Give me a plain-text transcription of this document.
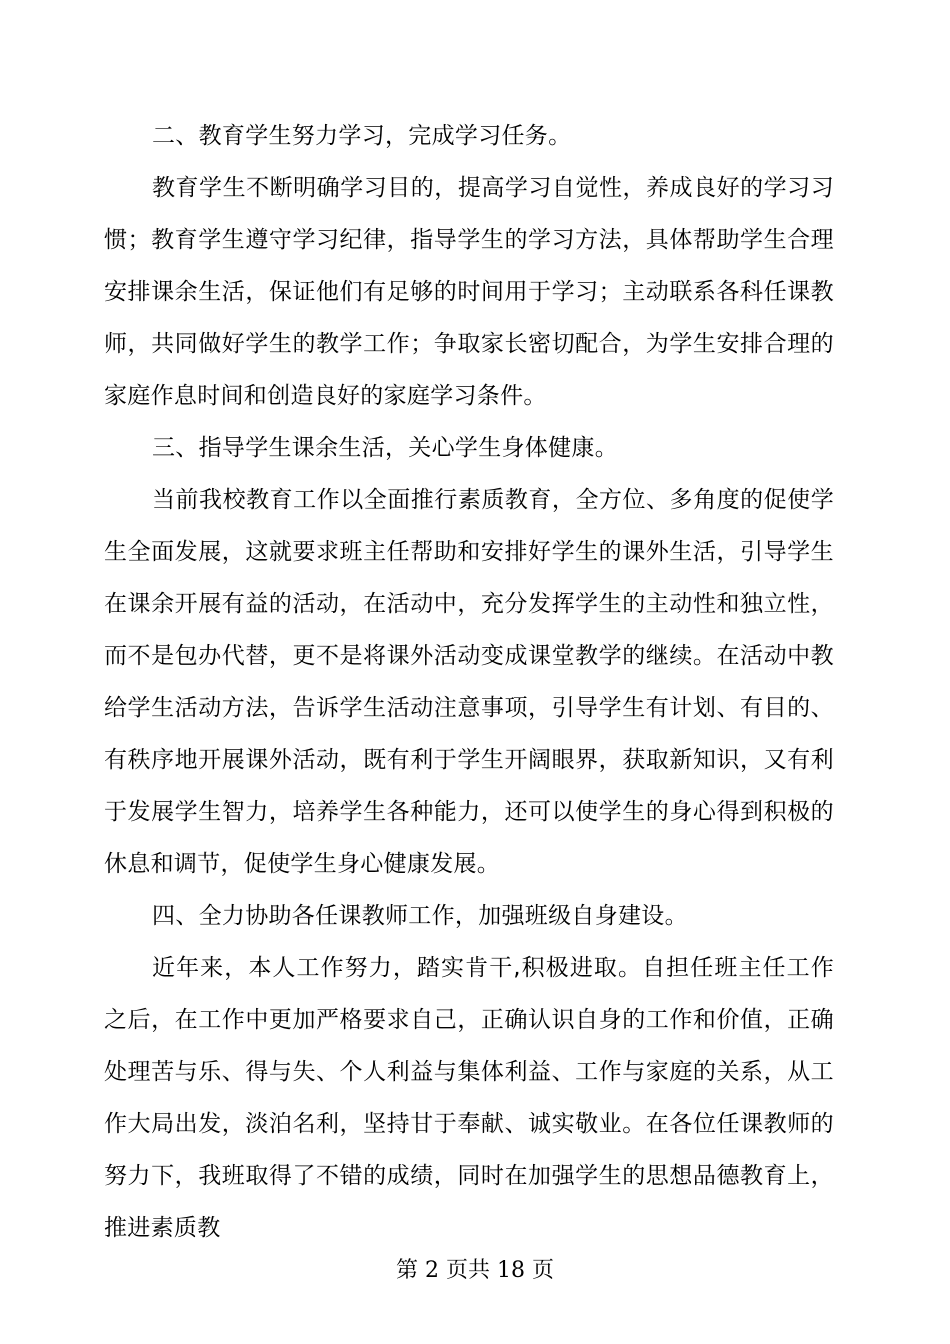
二、教育学生努力学习，完成学习任务。

教育学生不断明确学习目的，提高学习自觉性，养成良好的学习习惯；教育学生遵守学习纪律，指导学生的学习方法，具体帮助学生合理安排课余生活，保证他们有足够的时间用于学习；主动联系各科任课教师，共同做好学生的教学工作；争取家长密切配合，为学生安排合理的家庭作息时间和创造良好的家庭学习条件。

三、指导学生课余生活，关心学生身体健康。

当前我校教育工作以全面推行素质教育，全方位、多角度的促使学生全面发展，这就要求班主任帮助和安排好学生的课外生活，引导学生在课余开展有益的活动，在活动中，充分发挥学生的主动性和独立性，而不是包办代替，更不是将课外活动变成课堂教学的继续。在活动中教给学生活动方法，告诉学生活动注意事项，引导学生有计划、有目的、有秩序地开展课外活动，既有利于学生开阔眼界，获取新知识，又有利于发展学生智力，培养学生各种能力，还可以使学生的身心得到积极的休息和调节，促使学生身心健康发展。

四、全力协助各任课教师工作，加强班级自身建设。

近年来，本人工作努力，踏实肯干,积极进取。自担任班主任工作之后，在工作中更加严格要求自己，正确认识自身的工作和价值，正确处理苦与乐、得与失、个人利益与集体利益、工作与家庭的关系，从工作大局出发，淡泊名利，坚持甘于奉献、诚实敬业。在各位任课教师的努力下，我班取得了不错的成绩，同时在加强学生的思想品德教育上，推进素质教

第 2 页共 18 页
